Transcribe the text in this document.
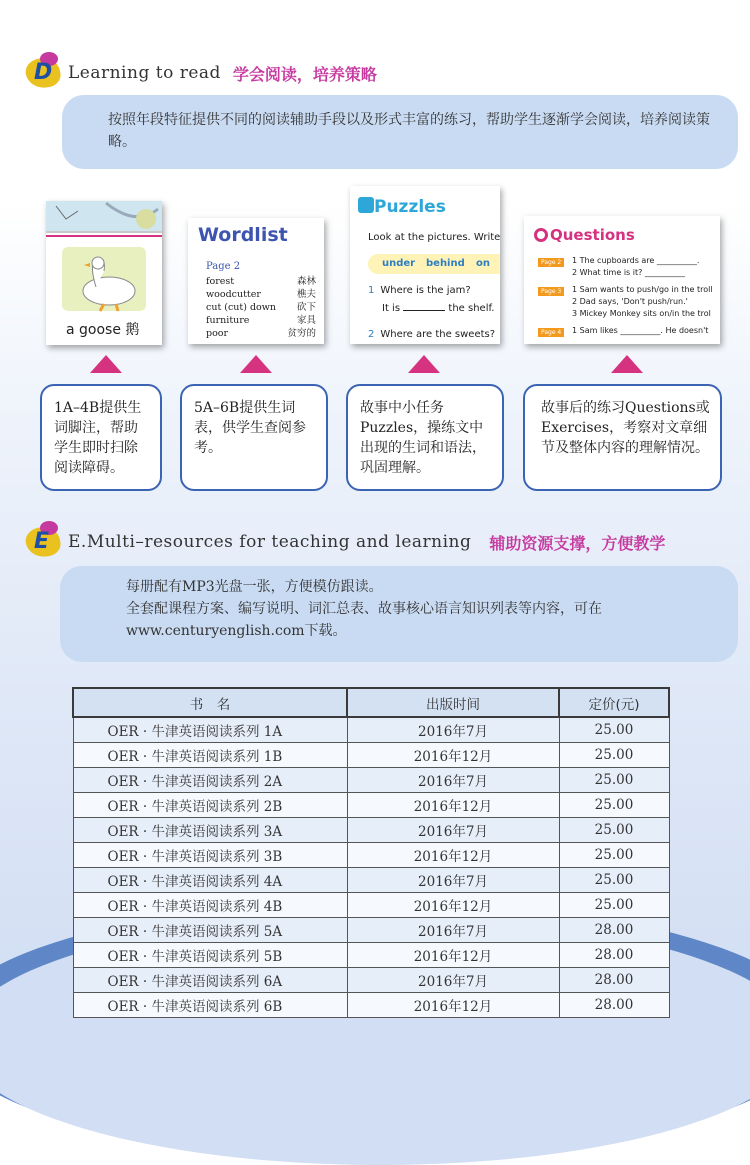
D Learning to read 学会阅读，培养策略
按照年段特征提供不同的阅读辅助手段以及形式丰富的练习，帮助学生逐渐学会阅读，培养阅读策略。
a goose 鹅
Wordlist
Page 2
forest	森林
woodcutter	樵夫
cut (cut) down 砍下
furniture	家具
poor	贫穷的
Puzzles
Look at the pictures. Write
under behind on
1 Where is the jam?
It is	the shelf.
2 Where are the sweets?
Questions
Page 2	1 The cupboards are __________.
2 What time is it? __________
Page 3	1 Sam wants to push/go in the troll
2 Dad says, 'Don't push/run.'
3 Mickey Monkey sits on/in the trol
Page 4	1 Sam likes __________. He doesn't
1A–4B提供生词脚注，帮助学生即时扫除阅读障碍。
5A–6B提供生词表，供学生查阅参考。
故事中小任务Puzzles，操练文中出现的生词和语法，巩固理解。
故事后的练习Questions或Exercises，考察对文章细节及整体内容的理解情况。
E E.Multi–resources for teaching and learning 辅助资源支撑，方便教学
每册配有MP3光盘一张，方便模仿跟读。
全套配课程方案、编写说明、词汇总表、故事核心语言知识列表等内容，可在
www.centuryenglish.com下载。
书　名	出版时间	定价(元)
OER · 牛津英语阅读系列 1A	2016年7月	25.00
OER · 牛津英语阅读系列 1B	2016年12月	25.00
OER · 牛津英语阅读系列 2A	2016年7月	25.00
OER · 牛津英语阅读系列 2B	2016年12月	25.00
OER · 牛津英语阅读系列 3A	2016年7月	25.00
OER · 牛津英语阅读系列 3B	2016年12月	25.00
OER · 牛津英语阅读系列 4A	2016年7月	25.00
OER · 牛津英语阅读系列 4B	2016年12月	25.00
OER · 牛津英语阅读系列 5A	2016年7月	28.00
OER · 牛津英语阅读系列 5B	2016年12月	28.00
OER · 牛津英语阅读系列 6A	2016年7月	28.00
OER · 牛津英语阅读系列 6B	2016年12月	28.00
